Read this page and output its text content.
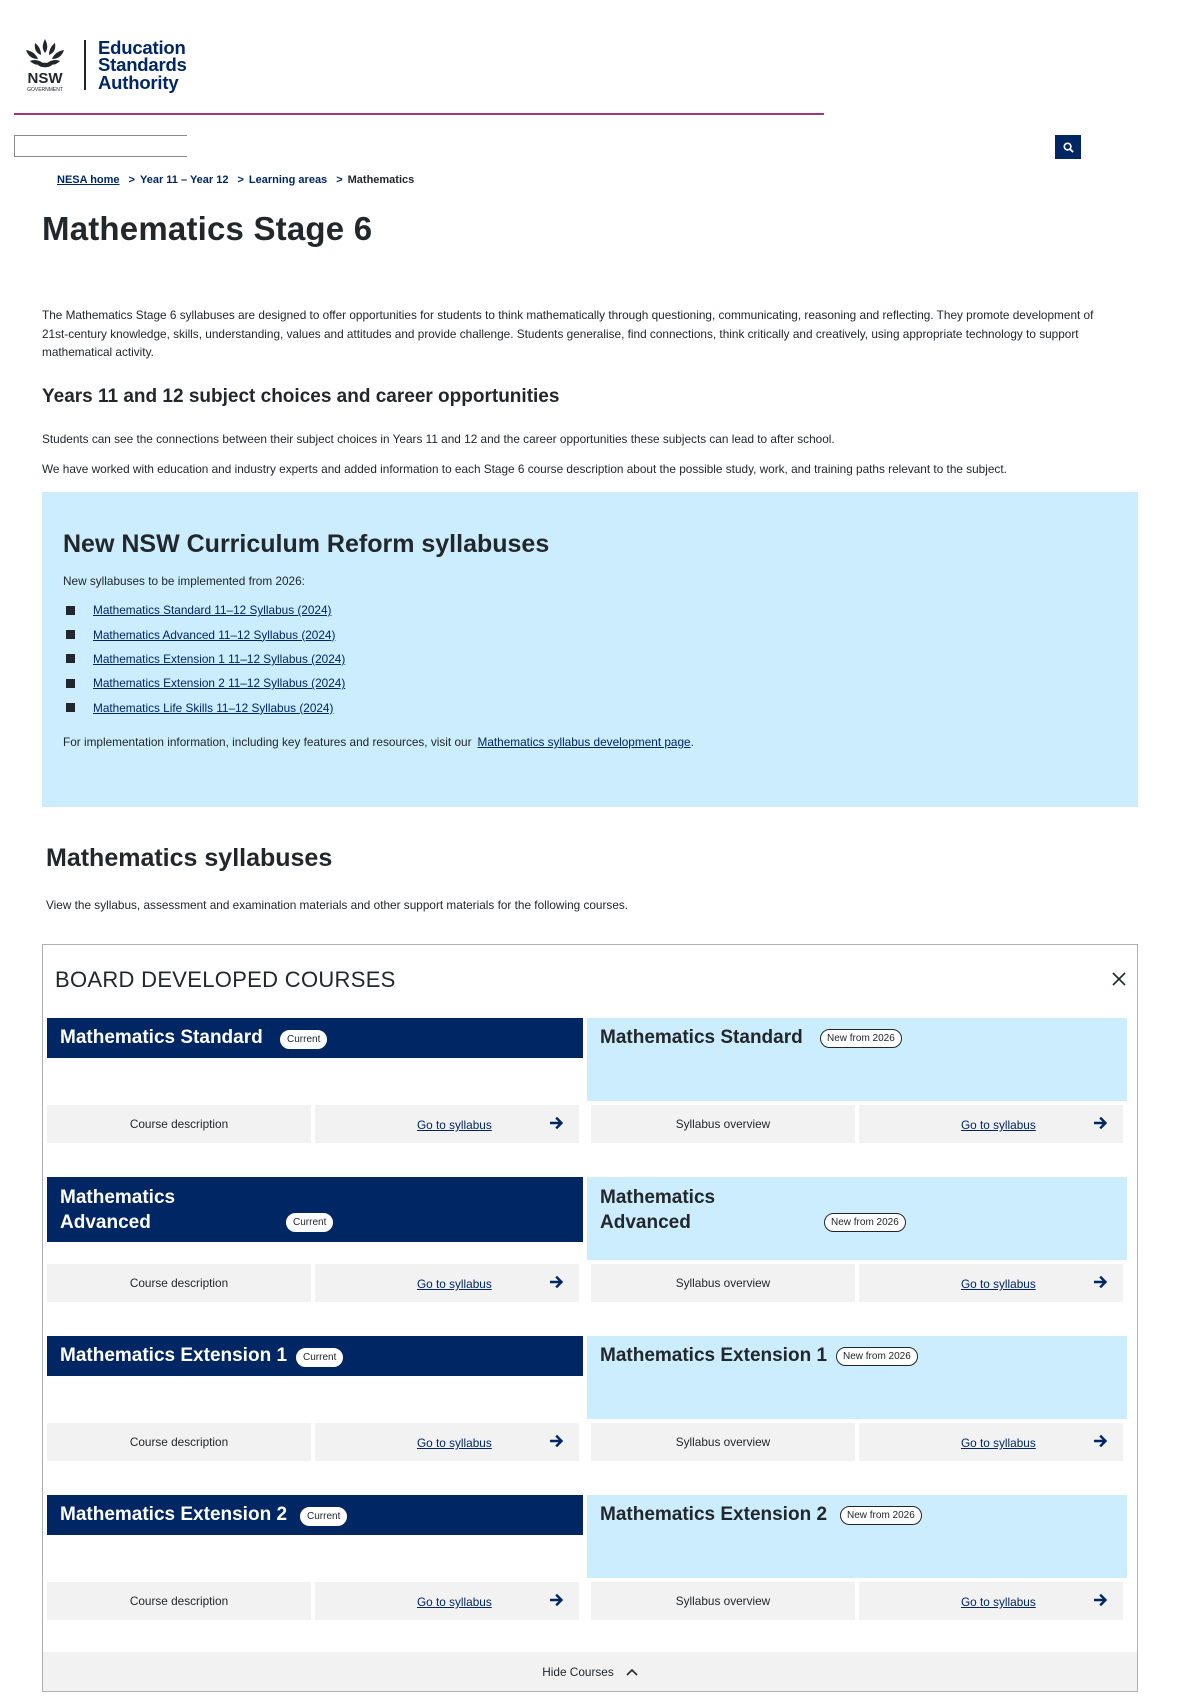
NSW
GOVERNMENT
Education
Standards
Authority
NESA home > Year 11 – Year 12 > Learning areas > Mathematics
Mathematics Stage 6

The Mathematics Stage 6 syllabuses are designed to offer opportunities for students to think mathematically through questioning, communicating, reasoning and reflecting. They promote development of 21st-century knowledge, skills, understanding, values and attitudes and provide challenge. Students generalise, find connections, think critically and creatively, using appropriate technology to support mathematical activity.

Years 11 and 12 subject choices and career opportunities

Students can see the connections between their subject choices in Years 11 and 12 and the career opportunities these subjects can lead to after school.

We have worked with education and industry experts and added information to each Stage 6 course description about the possible study, work, and training paths relevant to the subject.

New NSW Curriculum Reform syllabuses

New syllabuses to be implemented from 2026:

Mathematics Standard 11–12 Syllabus (2024)
Mathematics Advanced 11–12 Syllabus (2024)
Mathematics Extension 1 11–12 Syllabus (2024)
Mathematics Extension 2 11–12 Syllabus (2024)
Mathematics Life Skills 11–12 Syllabus (2024)

For implementation information, including key features and resources, visit our Mathematics syllabus development page.

Mathematics syllabuses

View the syllabus, assessment and examination materials and other support materials for the following courses.

BOARD DEVELOPED COURSES
Mathematics Standard	Current	Mathematics Standard	New from 2026
Course description	Go to syllabus	Syllabus overview	Go to syllabus
Mathematics Advanced	Current
Mathematics Advanced	New from 2026
Course description	Go to syllabus	Syllabus overview	Go to syllabus
Mathematics Extension 1	Current	Mathematics Extension 1	New from 2026
Course description	Go to syllabus	Syllabus overview	Go to syllabus
Mathematics Extension 2	Current	Mathematics Extension 2	New from 2026
Course description	Go to syllabus	Syllabus overview	Go to syllabus
Hide Courses
